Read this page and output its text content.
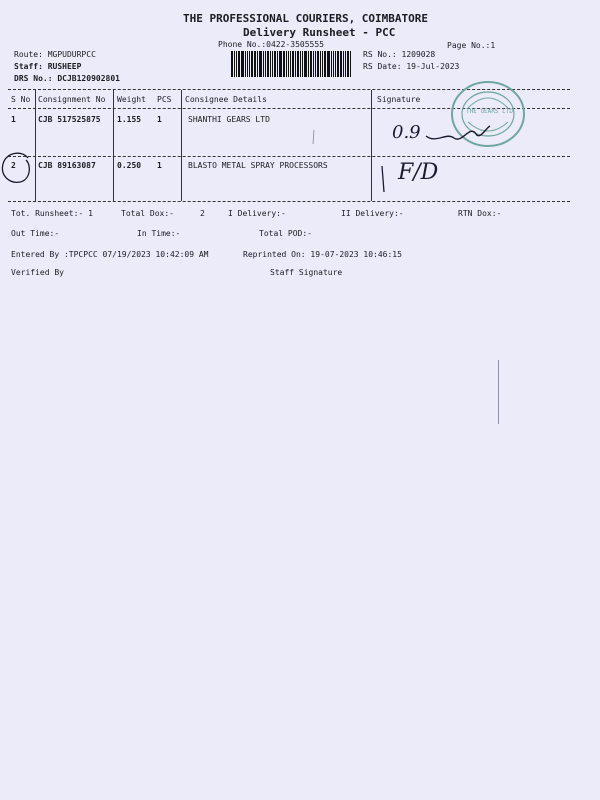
THE PROFESSIONAL COURIERS, COIMBATORE
Delivery Runsheet - PCC
Phone No.:0422-3505555	Page No.:1
Route: MGPUDURPCC
Staff: RUSHEEP
DRS No.: DCJB120902801
RS No.: 1209028
RS Date: 19-Jul-2023
S No Consignment No Weight PCS Consignee Details	Signature
1	CJB 517525875 1.155 1	SHANTHI GEARS LTD
2	CJB 89163087	0.250 1	BLASTO METAL SPRAY PROCESSORS
THE GEARS LTD
0.9
F/D
Tot. Runsheet:- 1	Total Dox:-	2	I Delivery:-	II Delivery:-	RTN Dox:-
Out Time:-	In Time:-	Total POD:-
Entered By :TPCPCC 07/19/2023 10:42:09 AM	Reprinted On: 19-07-2023 10:46:15
Verified By	Staff Signature
